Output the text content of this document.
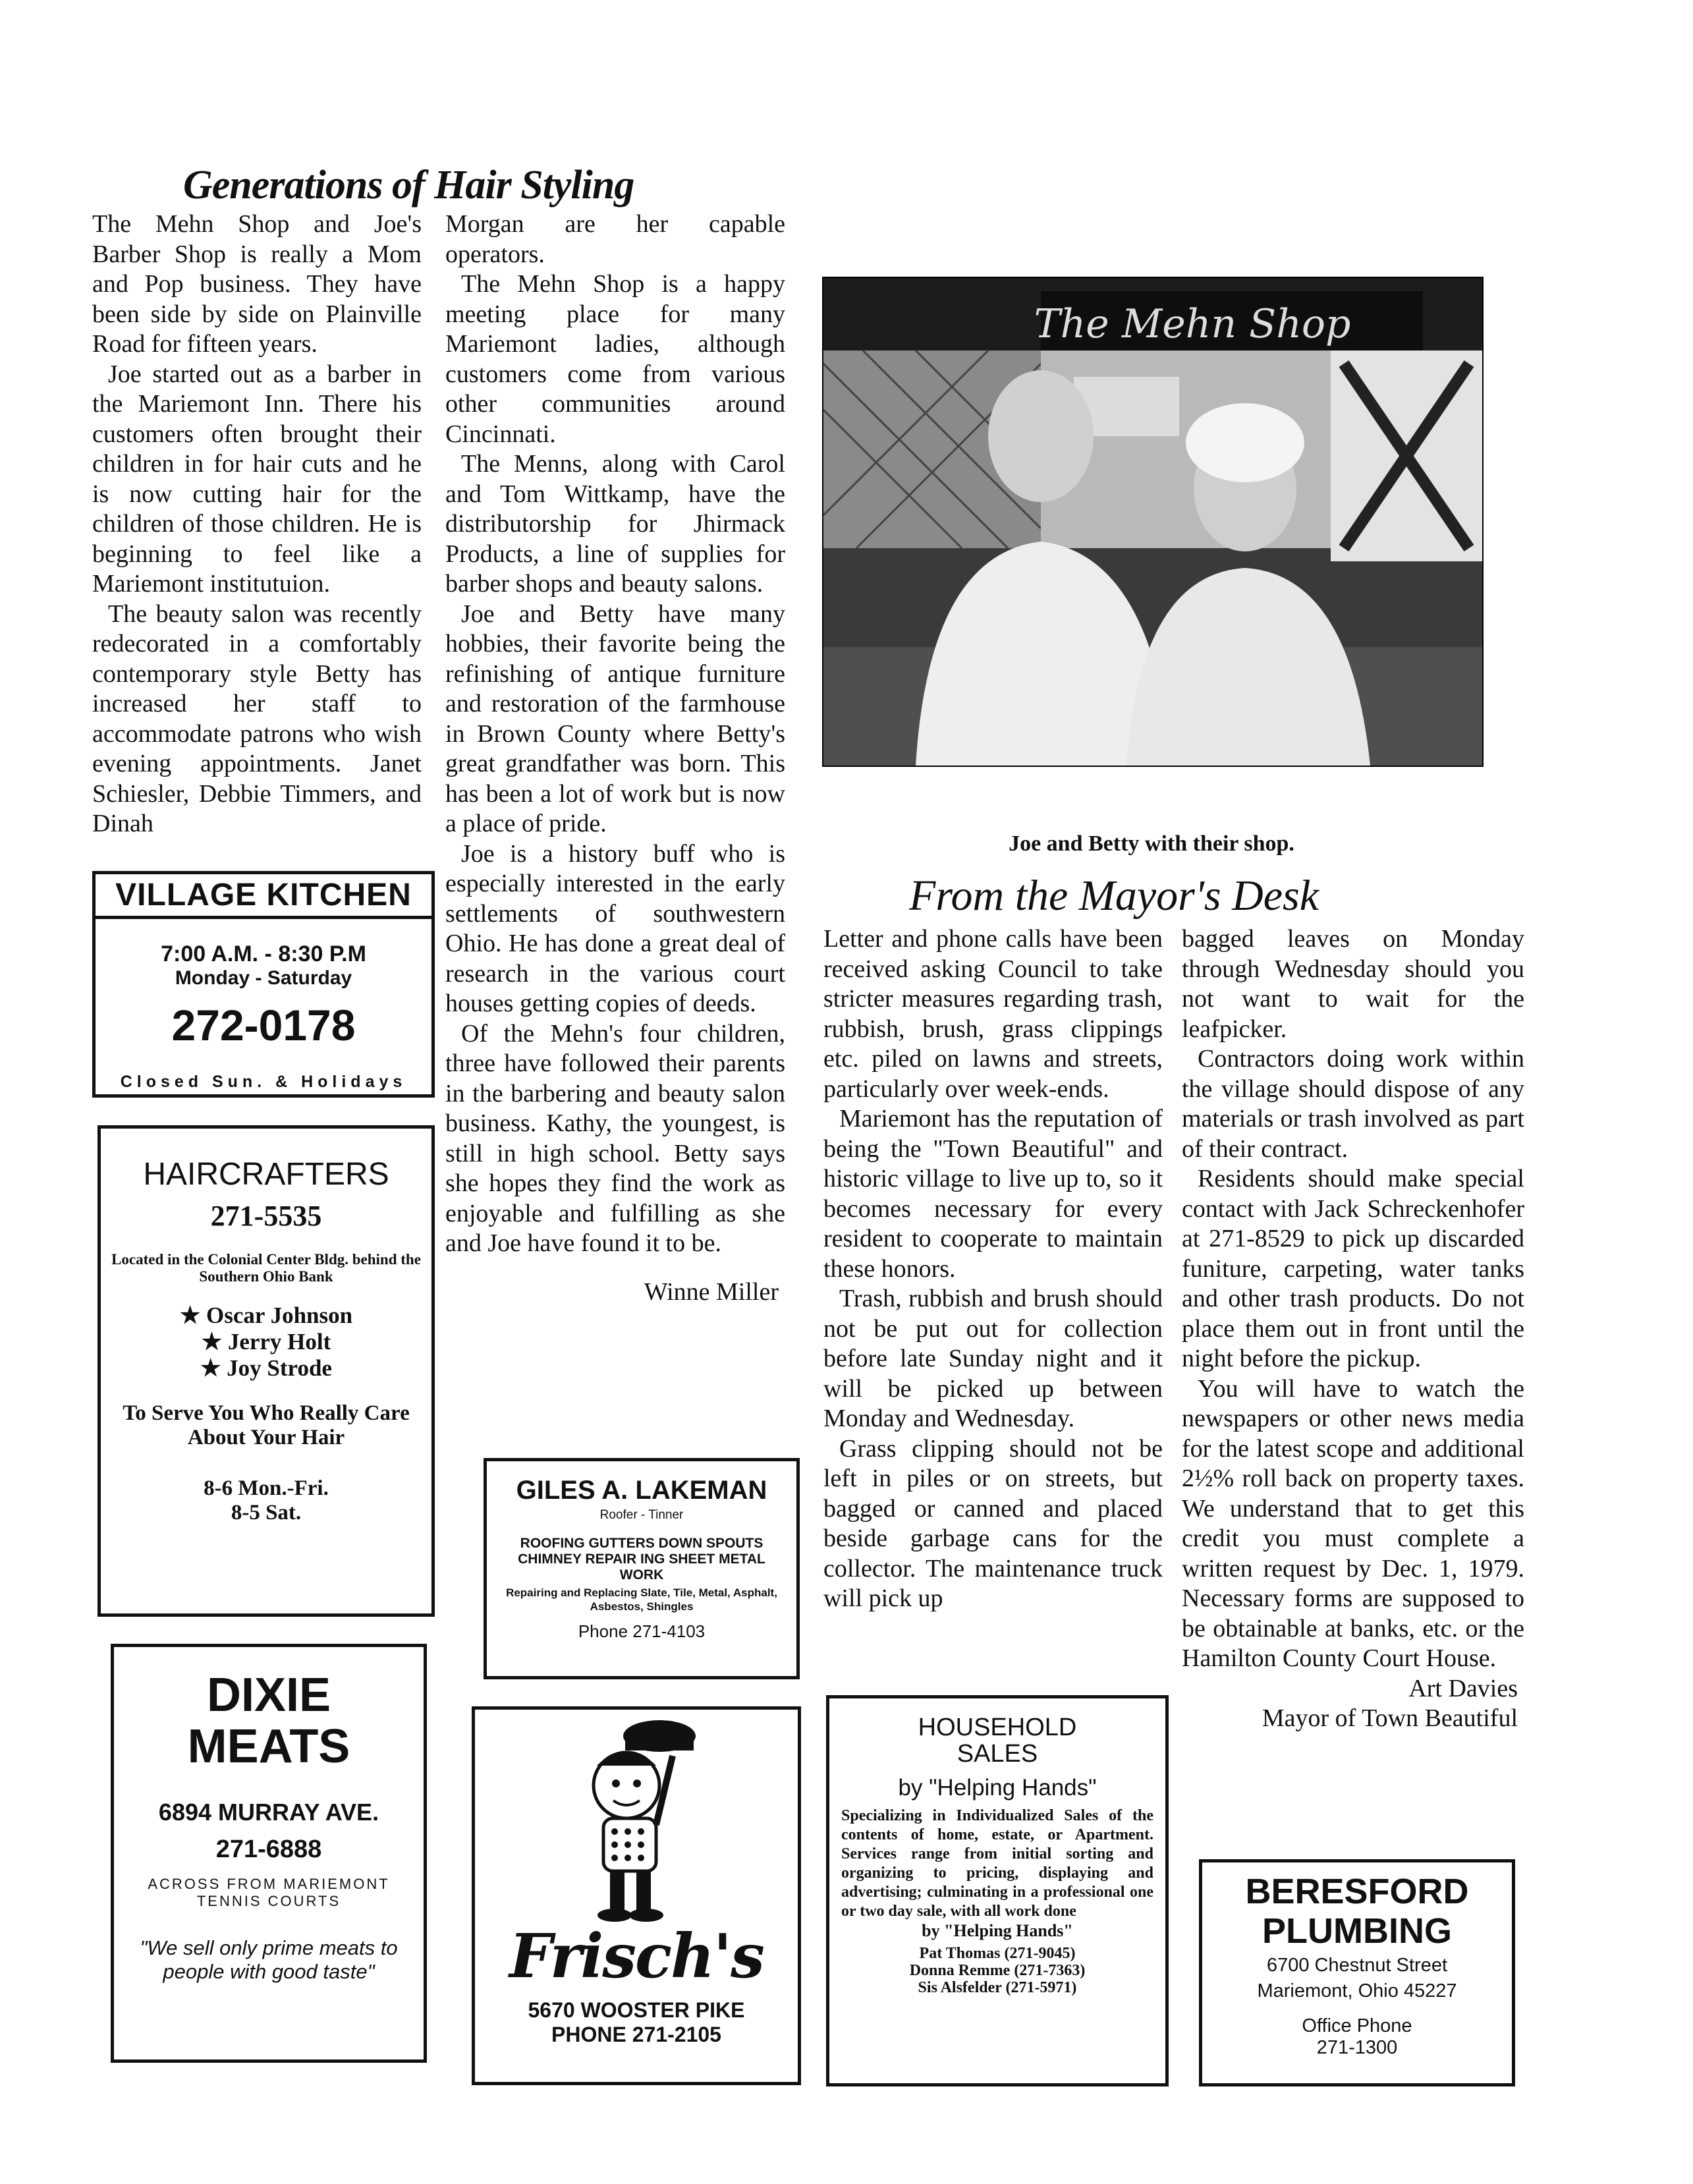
Generations of Hair Styling

The Mehn Shop and Joe's Barber Shop is really a Mom and Pop business. They have been side by side on Plainville Road for fifteen years.

Joe started out as a barber in the Mariemont Inn. There his customers often brought their children in for hair cuts and he is now cutting hair for the children of those children. He is beginning to feel like a Mariemont institutuion.

The beauty salon was recently redecorated in a comfortably contemporary style Betty has increased her staff to accommodate patrons who wish evening appointments. Janet Schiesler, Debbie Timmers, and Dinah

Morgan are her capable operators.

The Mehn Shop is a happy meeting place for many Mariemont ladies, although customers come from various other communities around Cincinnati.

The Menns, along with Carol and Tom Wittkamp, have the distributorship for Jhirmack Products, a line of supplies for barber shops and beauty salons.

Joe and Betty have many hobbies, their favorite being the refinishing of antique furniture and restoration of the farmhouse in Brown County where Betty's great grandfather was born. This has been a lot of work but is now a place of pride.

Joe is a history buff who is especially interested in the early settlements of southwestern Ohio. He has done a great deal of research in the various court houses getting copies of deeds.

Of the Mehn's four children, three have followed their parents in the barbering and beauty salon business. Kathy, the youngest, is still in high school. Betty says she hopes they find the work as enjoyable and fulfilling as she and Joe have found it to be.

Winne Miller

The Mehn Shop
Joe and Betty with their shop.
From the Mayor's Desk

Letter and phone calls have been received asking Council to take stricter measures regarding trash, rubbish, brush, grass clippings etc. piled on lawns and streets, particularly over week-ends.

Mariemont has the reputation of being the "Town Beautiful" and historic village to live up to, so it becomes necessary for every resident to cooperate to maintain these honors.

Trash, rubbish and brush should not be put out for collection before late Sunday night and it will be picked up between Monday and Wednesday.

Grass clipping should not be left in piles or on streets, but bagged or canned and placed beside garbage cans for the collector. The maintenance truck will pick up

bagged leaves on Monday through Wednesday should you not want to wait for the leafpicker.

Contractors doing work within the village should dispose of any materials or trash involved as part of their contract.

Residents should make special contact with Jack Schreckenhofer at 271-8529 to pick up discarded funiture, carpeting, water tanks and other trash products. Do not place them out in front until the night before the pickup.

You will have to watch the newspapers or other news media for the latest scope and additional 2½% roll back on property taxes. We understand that to get this credit you must complete a written request by Dec. 1, 1979. Necessary forms are supposed to be obtainable at banks, etc. or the Hamilton County Court House.

Art Davies

Mayor of Town Beautiful

VILLAGE KITCHEN
7:00 A.M. - 8:30 P.M
Monday - Saturday
272-0178
Closed Sun. & Holidays
HAIRCRAFTERS
271-5535
Located in the Colonial Center Bldg. behind the Southern Ohio Bank
★ Oscar Johnson
★ Jerry Holt
★ Joy Strode
To Serve You Who Really Care About Your Hair
8-6 Mon.-Fri.
8-5 Sat.
DIXIE
MEATS
6894 MURRAY AVE.
271-6888
ACROSS FROM MARIEMONT TENNIS COURTS
"We sell only prime meats to people with good taste"
GILES A. LAKEMAN
Roofer - Tinner
ROOFING GUTTERS DOWN SPOUTS CHIMNEY REPAIR ING SHEET METAL WORK
Repairing and Replacing Slate, Tile, Metal, Asphalt, Asbestos, Shingles
Phone 271-4103
Frisch's
5670 WOOSTER PIKE
PHONE 271-2105
HOUSEHOLD
SALES
by "Helping Hands"
Specializing in Individualized Sales of the contents of home, estate, or Apartment. Services range from initial sorting and organizing to pricing, displaying and advertising; culminating in a professional one or two day sale, with all work done
by "Helping Hands"
Pat Thomas (271-9045)
Donna Remme (271-7363)
Sis Alsfelder (271-5971)
BERESFORD
PLUMBING
6700 Chestnut Street
Mariemont, Ohio 45227
Office Phone
271-1300
